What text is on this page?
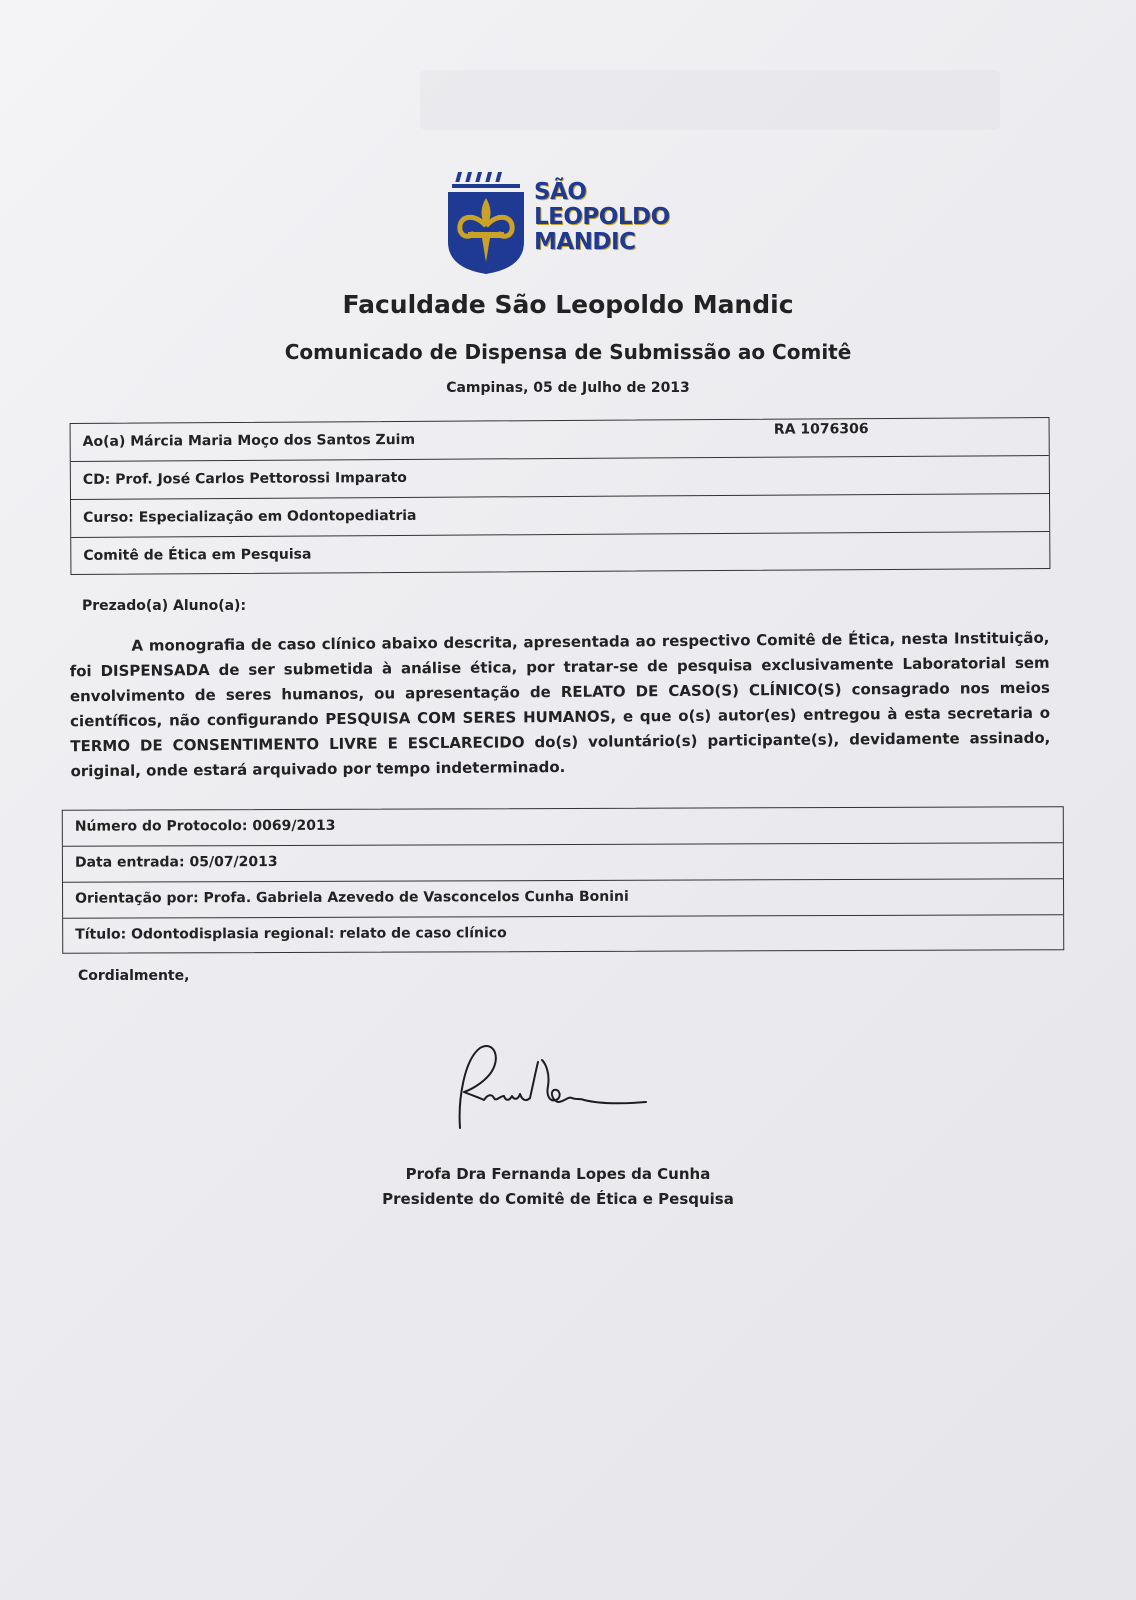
SÃO
LEOPOLDO
MANDIC
Faculdade São Leopoldo Mandic
Comunicado de Dispensa de Submissão ao Comitê
Campinas, 05 de Julho de 2013
Ao(a) Márcia Maria Moço dos Santos Zuim
RA 1076306
CD: Prof. José Carlos Pettorossi Imparato
Curso: Especialização em Odontopediatria
Comitê de Ética em Pesquisa
Prezado(a) Aluno(a):
A monografia de caso clínico abaixo descrita, apresentada ao respectivo Comitê de Ética, nesta Instituição, foi DISPENSADA de ser submetida à análise ética, por tratar-se de pesquisa exclusivamente Laboratorial sem envolvimento de seres humanos, ou apresentação de RELATO DE CASO(S) CLÍNICO(S) consagrado nos meios científicos, não configurando PESQUISA COM SERES HUMANOS, e que o(s) autor(es) entregou à esta secretaria o TERMO DE CONSENTIMENTO LIVRE E ESCLARECIDO do(s) voluntário(s) participante(s), devidamente assinado, original, onde estará arquivado por tempo indeterminado.
Número do Protocolo: 0069/2013
Data entrada: 05/07/2013
Orientação por: Profa. Gabriela Azevedo de Vasconcelos Cunha Bonini
Título: Odontodisplasia regional: relato de caso clínico
Cordialmente,
Profa Dra Fernanda Lopes da Cunha
Presidente do Comitê de Ética e Pesquisa
